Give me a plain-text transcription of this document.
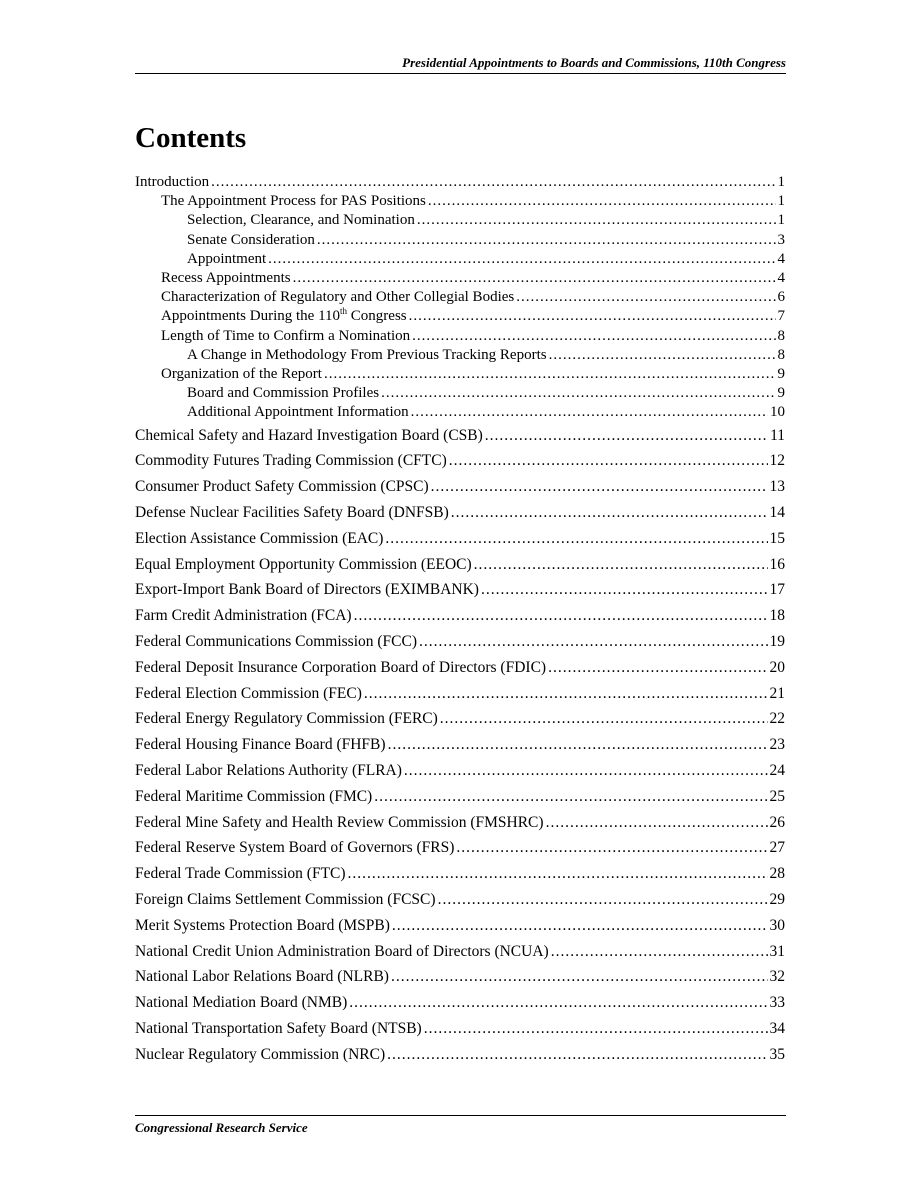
Presidential Appointments to Boards and Commissions, 110th Congress
Contents
Introduction .....	1
The Appointment Process for PAS Positions .....	1
Selection, Clearance, and Nomination .....	1
Senate Consideration .....	3
Appointment .....	4
Recess Appointments .....	4
Characterization of Regulatory and Other Collegial Bodies .....	6
Appointments During the 110th Congress .....	7
Length of Time to Confirm a Nomination .....	8
A Change in Methodology From Previous Tracking Reports .....	8
Organization of the Report .....	9
Board and Commission Profiles .....	9
Additional Appointment Information .....	10
Chemical Safety and Hazard Investigation Board (CSB) .....	11
Commodity Futures Trading Commission (CFTC) .....	12
Consumer Product Safety Commission (CPSC) .....	13
Defense Nuclear Facilities Safety Board (DNFSB) .....	14
Election Assistance Commission (EAC) .....	15
Equal Employment Opportunity Commission (EEOC) .....	16
Export-Import Bank Board of Directors (EXIMBANK) .....	17
Farm Credit Administration (FCA) .....	18
Federal Communications Commission (FCC) .....	19
Federal Deposit Insurance Corporation Board of Directors (FDIC) .....	20
Federal Election Commission (FEC) .....	21
Federal Energy Regulatory Commission (FERC) .....	22
Federal Housing Finance Board (FHFB) .....	23
Federal Labor Relations Authority (FLRA) .....	24
Federal Maritime Commission (FMC) .....	25
Federal Mine Safety and Health Review Commission (FMSHRC) .....	26
Federal Reserve System Board of Governors (FRS) .....	27
Federal Trade Commission (FTC) .....	28
Foreign Claims Settlement Commission (FCSC) .....	29
Merit Systems Protection Board (MSPB) .....	30
National Credit Union Administration Board of Directors (NCUA) .....	31
National Labor Relations Board (NLRB) .....	32
National Mediation Board (NMB) .....	33
National Transportation Safety Board (NTSB) .....	34
Nuclear Regulatory Commission (NRC) .....	35
Congressional Research Service
